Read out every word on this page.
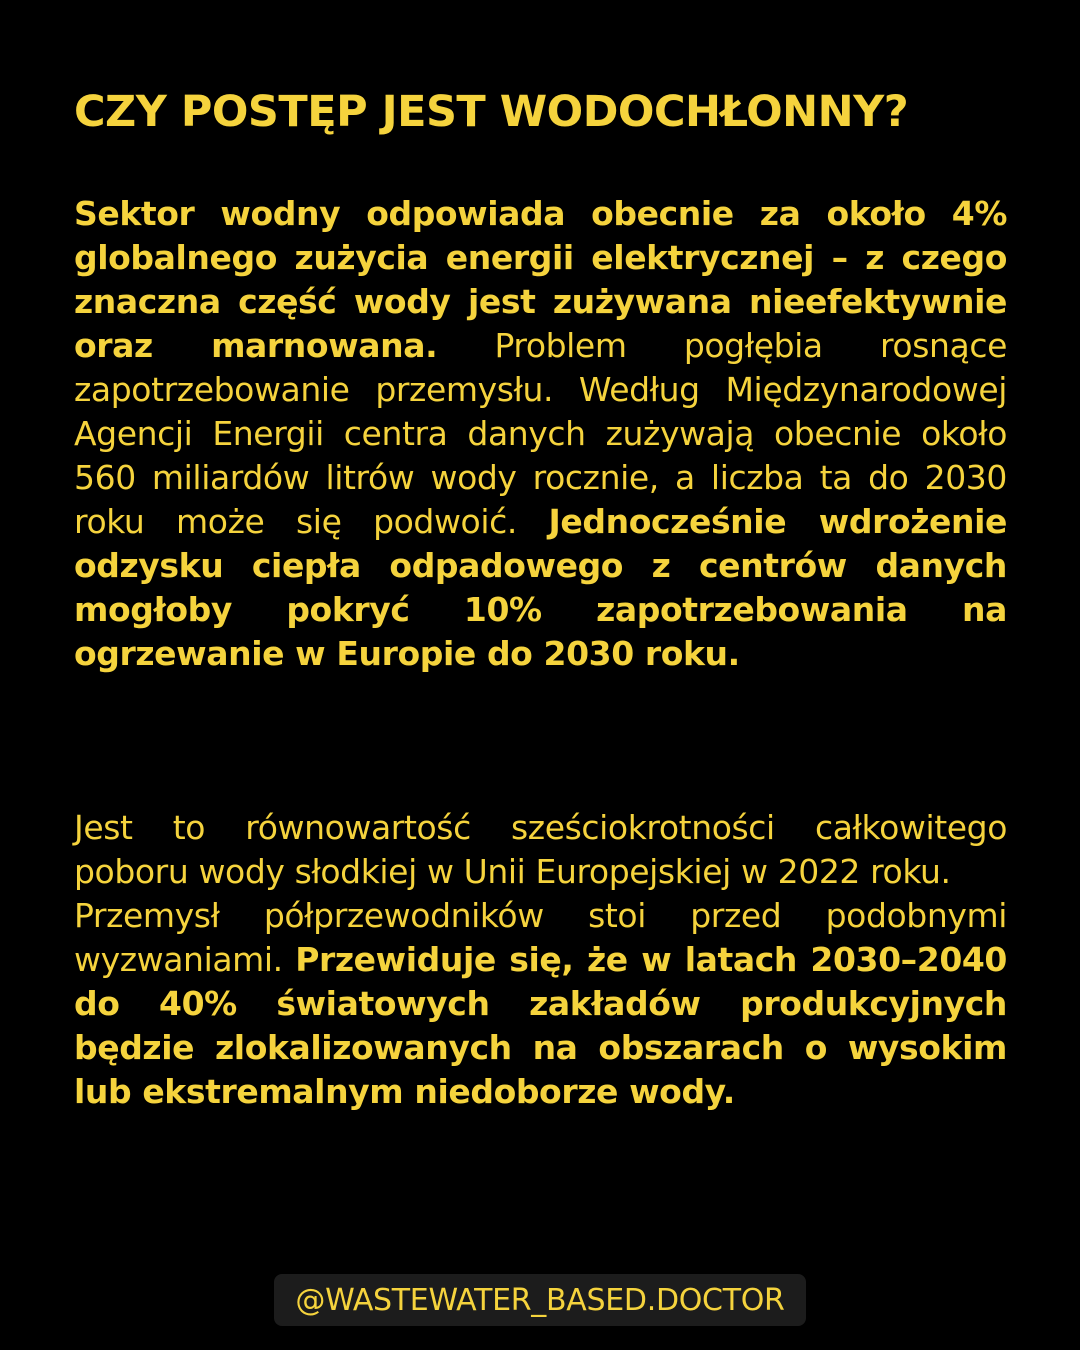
CZY POSTĘP JEST WODOCHŁONNY?

Sektor wodny odpowiada obecnie za około 4% globalnego zużycia energii elektrycznej – z czego znaczna część wody jest zużywana nieefektywnie oraz marnowana. Problem pogłębia rosnące zapotrzebowanie przemysłu. Według Międzynarodowej Agencji Energii centra danych zużywają obecnie około 560 miliardów litrów wody rocznie, a liczba ta do 2030 roku może się podwoić. Jednocześnie wdrożenie odzysku ciepła odpadowego z centrów danych mogłoby pokryć 10% zapotrzebowania na ogrzewanie w Europie do 2030 roku.

Jest to równowartość sześciokrotności całkowitego poboru wody słodkiej w Unii Europejskiej w 2022 roku.
Przemysł półprzewodników stoi przed podobnymi wyzwaniami. Przewiduje się, że w latach 2030–2040 do 40% światowych zakładów produkcyjnych będzie zlokalizowanych na obszarach o wysokim lub ekstremalnym niedoborze wody.

@WASTEWATER_BASED.DOCTOR
